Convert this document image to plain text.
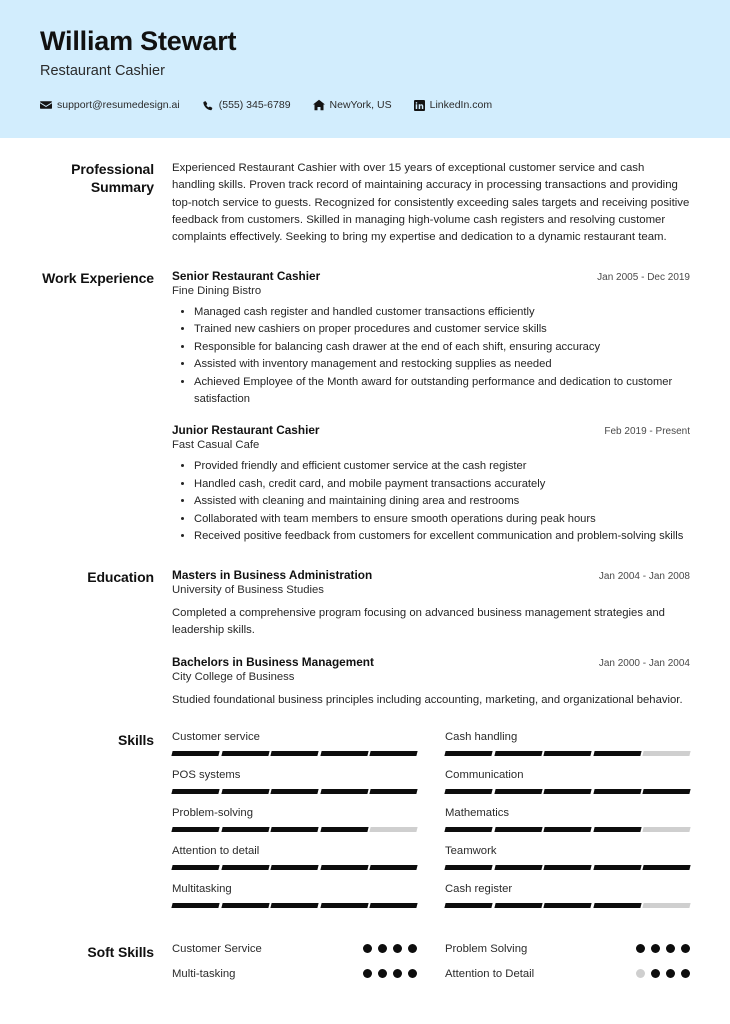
William Stewart
Restaurant Cashier
support@resumedesign.ai	(555) 345-6789	NewYork, US	LinkedIn.com
Professional Summary
Experienced Restaurant Cashier with over 15 years of exceptional customer service and cash handling skills. Proven track record of maintaining accuracy in processing transactions and providing top-notch service to guests. Recognized for consistently exceeding sales targets and receiving positive feedback from customers. Skilled in managing high-volume cash registers and resolving customer complaints effectively. Seeking to bring my expertise and dedication to a dynamic restaurant team.
Work Experience	Senior Restaurant Cashier	Jan 2005 - Dec 2019
Fine Dining Bistro
• Managed cash register and handled customer transactions efficiently
• Trained new cashiers on proper procedures and customer service skills
• Responsible for balancing cash drawer at the end of each shift, ensuring accuracy
• Assisted with inventory management and restocking supplies as needed
• Achieved Employee of the Month award for outstanding performance and dedication to customer satisfaction
Junior Restaurant Cashier	Feb 2019 - Present
Fast Casual Cafe
• Provided friendly and efficient customer service at the cash register
• Handled cash, credit card, and mobile payment transactions accurately
• Assisted with cleaning and maintaining dining area and restrooms
• Collaborated with team members to ensure smooth operations during peak hours
• Received positive feedback from customers for excellent communication and problem-solving skills
Education	Masters in Business Administration	Jan 2004 - Jan 2008
University of Business Studies
Completed a comprehensive program focusing on advanced business management strategies and leadership skills.
Bachelors in Business Management	Jan 2000 - Jan 2004
City College of Business
Studied foundational business principles including accounting, marketing, and organizational behavior.
Skills	Customer service	Cash handling
POS systems	Communication
Problem-solving	Mathematics
Attention to detail	Teamwork
Multitasking	Cash register
Soft Skills	Customer Service	Problem Solving
Multi-tasking	Attention to Detail
